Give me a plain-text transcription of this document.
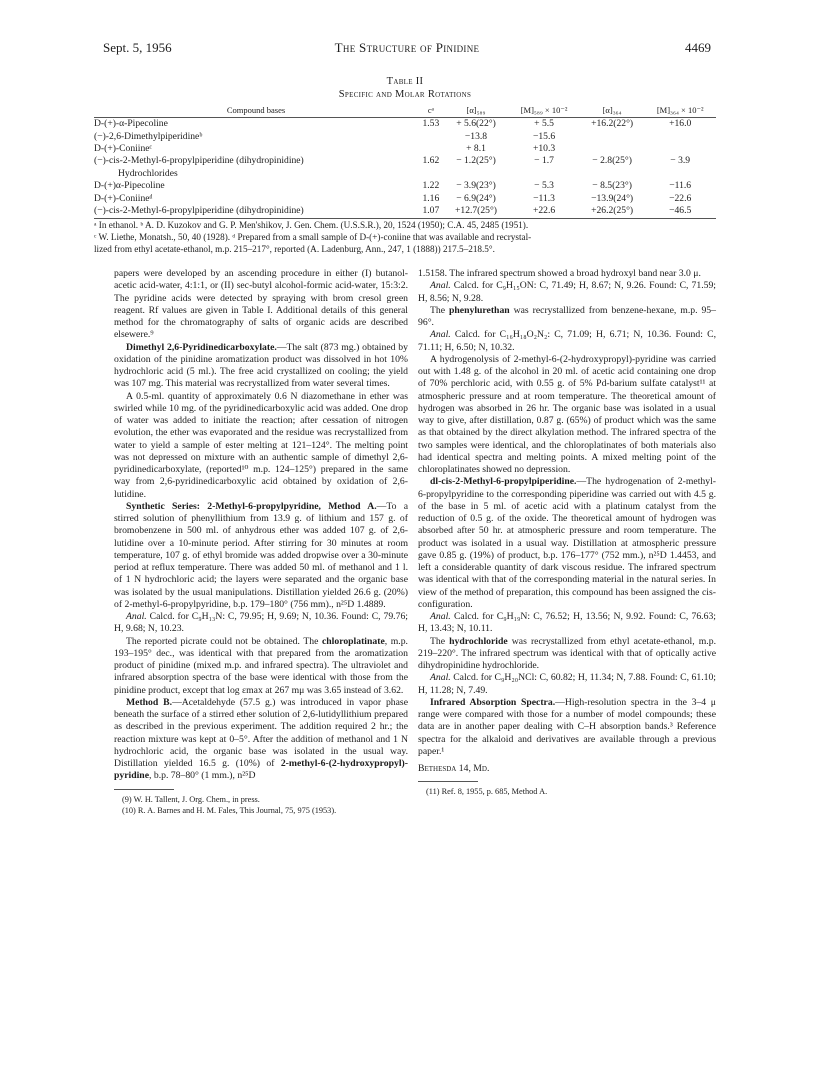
Sept. 5, 1956	The Structure of Pinidine	4469
Table II
Specific and Molar Rotations
Compound bases	cᵃ	[α]₅₈₉	[M]₅₈₉ × 10⁻²	[α]₃₆₄	[M]₃₆₄ × 10⁻²
D-(+)-α-Pipecoline	1.53	+ 5.6(22°)	+ 5.5	+16.2(22°)	+16.0
(−)-2,6-Dimethylpiperidineᵇ		−13.8	−15.6		
D-(+)-Coniineᶜ		+ 8.1	+10.3		
(−)-cis-2-Methyl-6-propylpiperidine (dihydropinidine)	1.62	− 1.2(25°)	− 1.7	− 2.8(25°)	− 3.9
Hydrochlorides					
D-(+)α-Pipecoline	1.22	− 3.9(23°)	− 5.3	− 8.5(23°)	−11.6
D-(+)-Coniineᵈ	1.16	− 6.9(24°)	−11.3	−13.9(24°)	−22.6
(−)-cis-2-Methyl-6-propylpiperidine (dihydropinidine)	1.07	+12.7(25°)	+22.6	+26.2(25°)	−46.5
ᵃ In ethanol. ᵇ A. D. Kuzokov and G. P. Men'shikov, J. Gen. Chem. (U.S.S.R.), 20, 1524 (1950); C.A. 45, 2485 (1951).
ᶜ W. Liethe, Monatsh., 50, 40 (1928). ᵈ Prepared from a small sample of D-(+)-coniine that was available and recrystal-
lized from ethyl acetate-ethanol, m.p. 215–217°, reported (A. Ladenburg, Ann., 247, 1 (1888)) 217.5–218.5°.

papers were developed by an ascending procedure in either (I) butanol-acetic acid-water, 4:1:1, or (II) sec-butyl alcohol-formic acid-water, 15:3:2. The pyridine acids were detected by spraying with brom cresol green reagent. Rf values are given in Table I. Additional details of this general method for the chromatography of salts of organic acids are described elsewere.⁹

Dimethyl 2,6-Pyridinedicarboxylate.—The salt (873 mg.) obtained by oxidation of the pinidine aromatization product was dissolved in hot 10% hydrochloric acid (5 ml.). The free acid crystallized on cooling; the yield was 107 mg. This material was recrystallized from water several times.

A 0.5-ml. quantity of approximately 0.6 N diazomethane in ether was swirled while 10 mg. of the pyridinedicarboxylic acid was added. One drop of water was added to initiate the reaction; after cessation of nitrogen evolution, the ether was evaporated and the residue was recrystallized from water to yield a sample of ester melting at 121–124°. The melting point was not depressed on mixture with an authentic sample of dimethyl 2,6-pyridinedicarboxylate, (reported¹⁰ m.p. 124–125°) prepared in the same way from 2,6-pyridinedicarboxylic acid obtained by oxidation of 2,6-lutidine.

Synthetic Series: 2-Methyl-6-propylpyridine, Method A.—To a stirred solution of phenyllithium from 13.9 g. of lithium and 157 g. of bromobenzene in 500 ml. of anhydrous ether was added 107 g. of 2,6-lutidine over a 10-minute period. After stirring for 30 minutes at room temperature, 107 g. of ethyl bromide was added dropwise over a 30-minute period at reflux temperature. There was added 50 ml. of methanol and 1 l. of 1 N hydrochloric acid; the layers were separated and the organic base was isolated by the usual manipulations. Distillation yielded 26.6 g. (20%) of 2-methyl-6-propylpyridine, b.p. 179–180° (756 mm)., n²⁵D 1.4889.

Anal. Calcd. for C₉H₁₃N: C, 79.95; H, 9.69; N, 10.36. Found: C, 79.76; H, 9.68; N, 10.23.

The reported picrate could not be obtained. The chloroplatinate, m.p. 193–195° dec., was identical with that prepared from the aromatization product of pinidine (mixed m.p. and infrared spectra). The ultraviolet and infrared absorption spectra of the base were identical with those from the pinidine product, except that log εmax at 267 mμ was 3.65 instead of 3.62.

Method B.—Acetaldehyde (57.5 g.) was introduced in vapor phase beneath the surface of a stirred ether solution of 2,6-lutidyllithium prepared as described in the previous experiment. The addition required 2 hr.; the reaction mixture was kept at 0–5°. After the addition of methanol and 1 N hydrochloric acid, the organic base was isolated in the usual way. Distillation yielded 16.5 g. (10%) of 2-methyl-6-(2-hydroxypropyl)-pyridine, b.p. 78–80° (1 mm.), n²⁵D

(9) W. H. Tallent, J. Org. Chem., in press.
(10) R. A. Barnes and H. M. Fales, This Journal, 75, 975 (1953).

1.5158. The infrared spectrum showed a broad hydroxyl band near 3.0 μ.

Anal. Calcd. for C₉H₁₅ON: C, 71.49; H, 8.67; N, 9.26. Found: C, 71.59; H, 8.56; N, 9.28.

The phenylurethan was recrystallized from benzene-hexane, m.p. 95–96°.

Anal. Calcd. for C₁₆H₁₈O₂N₂: C, 71.09; H, 6.71; N, 10.36. Found: C, 71.11; H, 6.50; N, 10.32.

A hydrogenolysis of 2-methyl-6-(2-hydroxypropyl)-pyridine was carried out with 1.48 g. of the alcohol in 20 ml. of acetic acid containing one drop of 70% perchloric acid, with 0.55 g. of 5% Pd-barium sulfate catalyst¹¹ at atmospheric pressure and at room temperature. The theoretical amount of hydrogen was absorbed in 26 hr. The organic base was isolated in a usual way to give, after distillation, 0.87 g. (65%) of product which was the same as that obtained by the direct alkylation method. The infrared spectra of the two samples were identical, and the chloroplatinates of both materials also had identical spectra and melting points. A mixed melting point of the chloroplatinates showed no depression.

dl-cis-2-Methyl-6-propylpiperidine.—The hydrogenation of 2-methyl-6-propylpyridine to the corresponding piperidine was carried out with 4.5 g. of the base in 5 ml. of acetic acid with a platinum catalyst from the reduction of 0.5 g. of the oxide. The theoretical amount of hydrogen was absorbed after 50 hr. at atmospheric pressure and room temperature. The product was isolated in a usual way. Distillation at atmospheric pressure gave 0.85 g. (19%) of product, b.p. 176–177° (752 mm.), n²⁵D 1.4453, and left a considerable quantity of dark viscous residue. The infrared spectrum was identical with that of the corresponding material in the natural series. In view of the method of preparation, this compound has been assigned the cis-configuration.

Anal. Calcd. for C₉H₁₉N: C, 76.52; H, 13.56; N, 9.92. Found: C, 76.63; H, 13.43; N, 10.11.

The hydrochloride was recrystallized from ethyl acetate-ethanol, m.p. 219–220°. The infrared spectrum was identical with that of optically active dihydropinidine hydrochloride.

Anal. Calcd. for C₉H₂₀NCl: C, 60.82; H, 11.34; N, 7.88. Found: C, 61.10; H, 11.28; N, 7.49.

Infrared Absorption Spectra.—High-resolution spectra in the 3–4 μ range were compared with those for a number of model compounds; these data are in another paper dealing with C–H absorption bands.³ Reference spectra for the alkaloid and derivatives are available through a previous paper.¹

Bethesda 14, Md.
(11) Ref. 8, 1955, p. 685, Method A.
